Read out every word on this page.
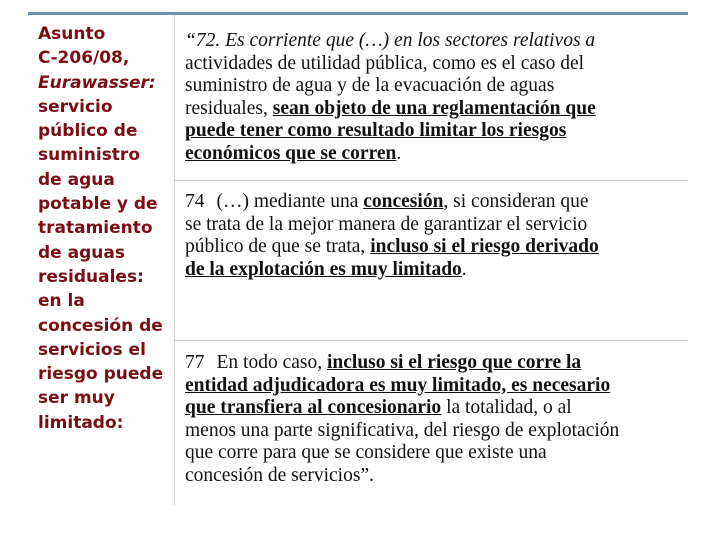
Asunto
C‑206/08,
Eurawasser:
servicio
público de
suministro
de agua
potable y de
tratamiento
de aguas
residuales:
en la
concesión de
servicios el
riesgo puede
ser muy
limitado:
“72. Es corriente que (…) en los sectores relativos a
actividades de utilidad pública, como es el caso del
suministro de agua y de la evacuación de aguas
residuales, sean objeto de una reglamentación que
puede tener como resultado limitar los riesgos
económicos que se corren.
74 (…) mediante una concesión, si consideran que
se trata de la mejor manera de garantizar el servicio
público de que se trata, incluso si el riesgo derivado
de la explotación es muy limitado.
77 En todo caso, incluso si el riesgo que corre la
entidad adjudicadora es muy limitado, es necesario
que transfiera al concesionario la totalidad, o al
menos una parte significativa, del riesgo de explotación
que corre para que se considere que existe una
concesión de servicios”.
